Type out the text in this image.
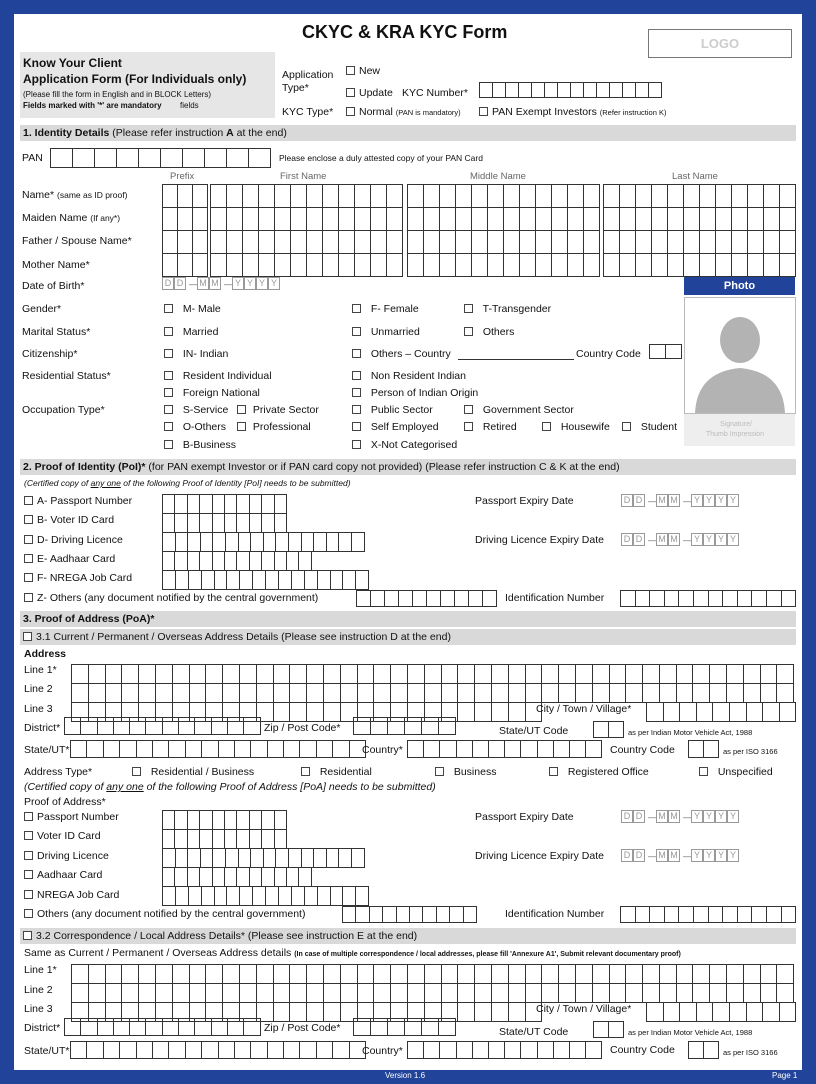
CKYC & KRA KYC Form
LOGO
Know Your Client
Application Form (For Individuals only)
(Please fill the form in English and in BLOCK Letters)
Fields marked with '*' are mandatory fields
Application
Type*
New
Update KYC Number*
KYC Type*	Normal (PAN is mandatory)	PAN Exempt Investors (Refer instruction K)
1. Identity Details (Please refer instruction A at the end)
PAN	Please enclose a duly attested copy of your PAN Card
Prefix	First Name	Middle Name	Last Name
Name* (same as ID proof)
Maiden Name (If any*)
Father / Spouse Name*
Mother Name*
Date of Birth*	D D — M M — Y Y Y Y	Photo
Signature/
Thumb Impression
Gender*	M- Male	F- Female	T-Transgender
Marital Status*	Married	Unmarried	Others
Citizenship*	IN- Indian	Others – Country	Country Code
Residential Status*	Resident Individual	Non Resident Indian
Foreign National	Person of Indian Origin
Occupation Type*	S-Service	Private Sector	Public Sector	Government Sector
O-Others	Professional	Self Employed	Retired	Housewife	Student
B-Business	X-Not Categorised
2. Proof of Identity (PoI)* (for PAN exempt Investor or if PAN card copy not provided) (Please refer instruction C & K at the end)
(Certified copy of any one of the following Proof of Identity [PoI] needs to be submitted)
A- Passport Number
B- Voter ID Card
D- Driving Licence
E- Aadhaar Card
F- NREGA Job Card
Z- Others (any document notified by the central government)
Passport Expiry Date	D D — M M — Y Y Y Y
Driving Licence Expiry Date	D D — M M — Y Y Y Y
Identification Number
3. Proof of Address (PoA)*
3.1 Current / Permanent / Overseas Address Details (Please see instruction D at the end)
Address
Line 1*
Line 2
Line 3	City / Town / Village*
District*	Zip / Post Code*	State/UT Code	as per Indian Motor Vehicle Act, 1988
State/UT*	Country*	Country Code	as per ISO 3166
Address Type*	Residential / Business	Residential	Business	Registered Office	Unspecified
(Certified copy of any one of the following Proof of Address [PoA] needs to be submitted)
Proof of Address*
Passport Number
Voter ID Card
Driving Licence
Aadhaar Card
NREGA Job Card
Others (any document notified by the central government)
Passport Expiry Date	D D — M M — Y Y Y Y
Driving Licence Expiry Date	D D — M M — Y Y Y Y
Identification Number
3.2 Correspondence / Local Address Details* (Please see instruction E at the end)
Same as Current / Permanent / Overseas Address details (In case of multiple correspondence / local addresses, please fill 'Annexure A1', Submit relevant documentary proof)
Line 1*
Line 2
Line 3	City / Town / Village*
District*	Zip / Post Code*	State/UT Code	as per Indian Motor Vehicle Act, 1988
State/UT*	Country*	Country Code	as per ISO 3166
Version 1.6	Page 1
